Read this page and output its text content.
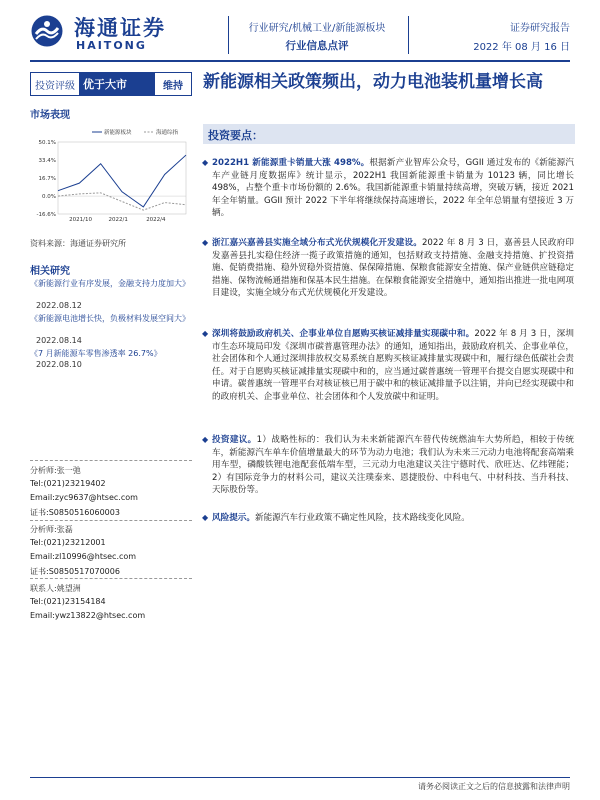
海通证券
HAITONG
行业研究/机械工业/新能源板块
行业信息点评
证券研究报告
2022 年 08 月 16 日
投资评级 优于大市	维持
市场表现
50.1%
33.4%
16.7%
0.0%
-16.6%
2021/10	2022/1	2022/4
新能源板块	海通综指
资料来源：海通证券研究所
相关研究
《新能源行业有序发展，金融支持力度加大》
2022.08.12
《新能源电池增长快，负极材料发展空间大》
2022.08.14
《7 月新能源车零售渗透率 26.7%》
2022.08.10
分析师:张一弛
Tel:(021)23219402
Email:zyc9637@htsec.com
证书:S0850516060003
分析师:张磊
Tel:(021)23212001
Email:zl10996@htsec.com
证书:S0850517070006
联系人:姚望洲
Tel:(021)23154184
Email:ywz13822@htsec.com
新能源相关政策频出，动力电池装机量增长高
投资要点：
◆ 2022H1 新能源重卡销量大涨 498%。根据新产业智库公众号，GGII 通过发布的《新能源汽车产业链月度数据库》统计显示，2022H1 我国新能源重卡销量为 10123 辆，同比增长 498%，占整个重卡市场份额的 2.6%。我国新能源重卡销量持续高增，突破万辆，接近 2021 年全年销量。GGII 预计 2022 下半年将继续保持高速增长，2022 年全年总销量有望接近 3 万辆。
◆ 浙江嘉兴嘉善县实施全域分布式光伏规模化开发建设。2022 年 8 月 3 日，嘉善县人民政府印发嘉善县扎实稳住经济一揽子政策措施的通知，包括财政支持措施、金融支持措施、扩投资措施、促销费措施、稳外贸稳外资措施、保保障措施、保粮食能源安全措施、保产业链供应链稳定措施、保物流畅通措施和保基本民生措施。在保粮食能源安全措施中，通知指出推进一批电网项目建设，实施全域分布式光伏规模化开发建设。
◆ 深圳将鼓励政府机关、企事业单位自愿购买核证减排量实现碳中和。2022 年 8 月 3 日，深圳市生态环境局印发《深圳市碳普惠管理办法》的通知，通知指出，鼓励政府机关、企事业单位，社会团体和个人通过深圳排放权交易系统自愿购买核证减排量实现碳中和，履行绿色低碳社会责任。对于自愿购买核证减排量实现碳中和的，应当通过碳普惠统一管理平台提交自愿实现碳中和申请。碳普惠统一管理平台对核证核已用于碳中和的核证减排量予以注销，并向已经实现碳中和的政府机关、企事业单位、社会团体和个人发放碳中和证明。
◆ 投资建议。1）战略性标的：我们认为未来新能源汽车替代传统燃油车大势所趋，相较于传统车，新能源汽车单车价值增量最大的环节为动力电池；我们认为未来三元动力电池将配套高端乘用车型，磷酸铁锂电池配套低端车型，三元动力电池建议关注宁德时代、欣旺达、亿纬锂能；2）有国际竞争力的材料公司，建议关注璞泰来、恩捷股份、中科电气、中材科技、当升科技、天际股份等。
◆ 风险提示。新能源汽车行业政策不确定性风险，技术路线变化风险。
请务必阅读正文之后的信息披露和法律声明
